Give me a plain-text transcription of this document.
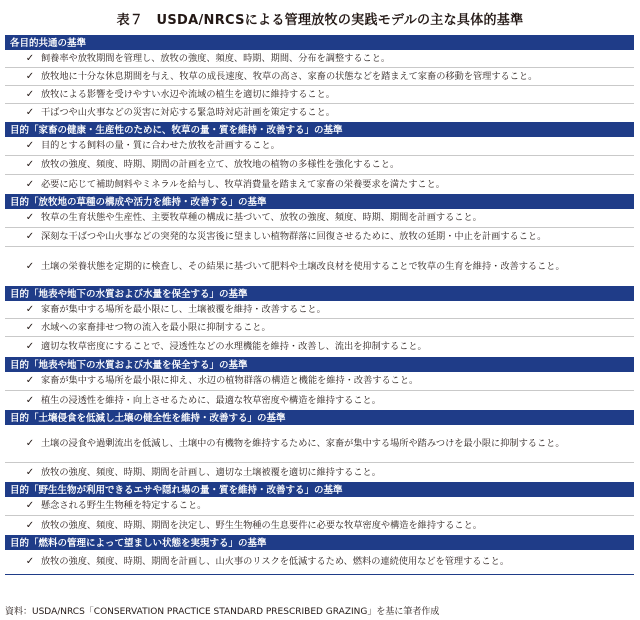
表７　USDA/NRCSによる管理放牧の実践モデルの主な具体的基準
各目的共通の基準
✓ 飼養率や放牧期間を管理し、放牧の強度、頻度、時期、期間、分布を調整すること。
✓ 放牧地に十分な休息期間を与え、牧草の成長速度、牧草の高さ、家畜の状態などを踏まえて家畜の移動を管理すること。
✓ 放牧による影響を受けやすい水辺や流域の植生を適切に維持すること。
✓ 干ばつや山火事などの災害に対応する緊急時対応計画を策定すること。
目的「家畜の健康・生産性のために、牧草の量・質を維持・改善する」の基準
✓ 目的とする飼料の量・質に合わせた放牧を計画すること。
✓ 放牧の強度、頻度、時期、期間の計画を立て、放牧地の植物の多様性を強化すること。
✓ 必要に応じて補助飼料やミネラルを給与し、牧草消費量を踏まえて家畜の栄養要求を満たすこと。
目的「放牧地の草種の構成や活力を維持・改善する」の基準
✓ 牧草の生育状態や生産性、主要牧草種の構成に基づいて、放牧の強度、頻度、時期、期間を計画すること。
✓ 深刻な干ばつや山火事などの突発的な災害後に望ましい植物群落に回復させるために、放牧の延期・中止を計画すること。
✓ 土壌の栄養状態を定期的に検査し、その結果に基づいて肥料や土壌改良材を使用することで牧草の生育を維持・改善すること。
目的「地表や地下の水質および水量を保全する」の基準
✓ 家畜が集中する場所を最小限にし、土壌被覆を維持・改善すること。
✓ 水域への家畜排せつ物の流入を最小限に抑制すること。
✓ 適切な牧草密度にすることで、浸透性などの水理機能を維持・改善し、流出を抑制すること。
目的「地表や地下の水質および水量を保全する」の基準
✓ 家畜が集中する場所を最小限に抑え、水辺の植物群落の構造と機能を維持・改善すること。
✓ 植生の浸透性を維持・向上させるために、最適な牧草密度や構造を維持すること。
目的「土壌侵食を低減し土壌の健全性を維持・改善する」の基準
✓ 土壌の浸食や過剰流出を低減し、土壌中の有機物を維持するために、家畜が集中する場所や踏みつけを最小限に抑制すること。
✓ 放牧の強度、頻度、時期、期間を計画し、適切な土壌被覆を適切に維持すること。
目的「野生生物が利用できるエサや隠れ場の量・質を維持・改善する」の基準
✓ 懸念される野生生物種を特定すること。
✓ 放牧の強度、頻度、時期、期間を決定し、野生生物種の生息要件に必要な牧草密度や構造を維持すること。
目的「燃料の管理によって望ましい状態を実現する」の基準
✓ 放牧の強度、頻度、時期、期間を計画し、山火事のリスクを低減するため、燃料の連続使用などを管理すること。
資料：USDA/NRCS「CONSERVATION PRACTICE STANDARD PRESCRIBED GRAZING」を基に筆者作成
